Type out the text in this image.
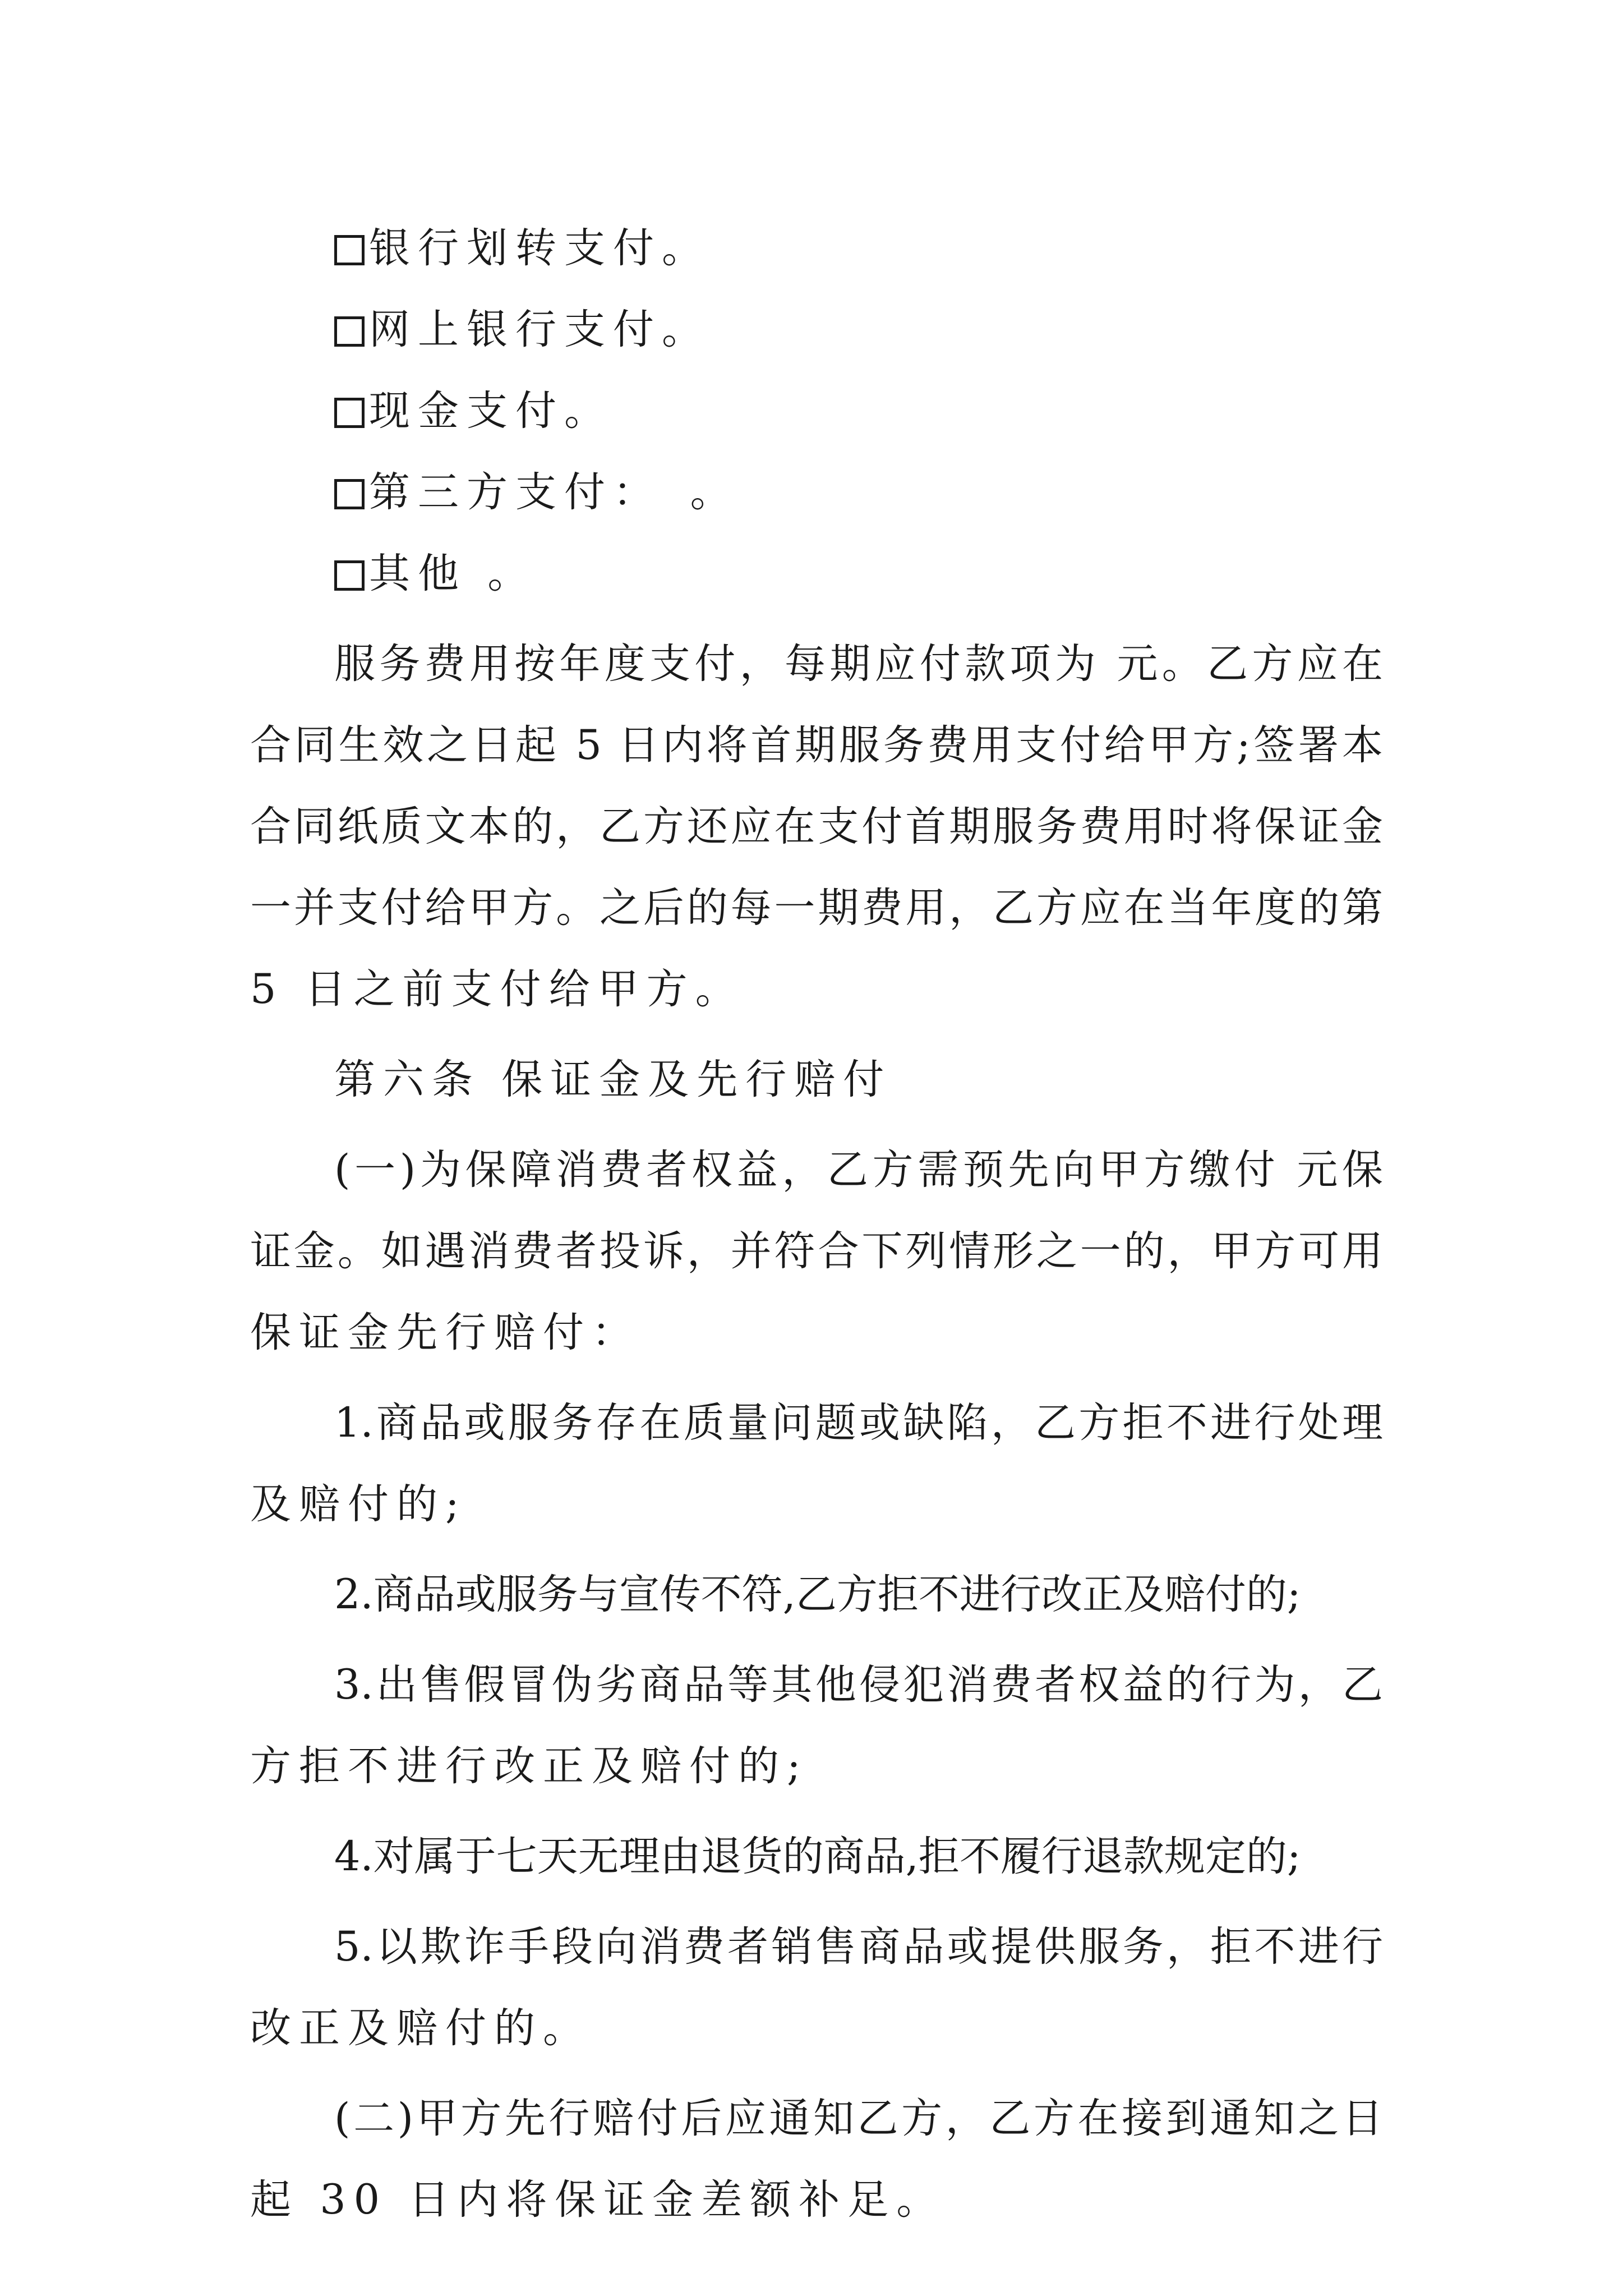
银行划转支付。
网上银行支付。
现金支付。
第三方支付：　。
其他 。
服务费用按年度支付，每期应付款项为 元。乙方应在
合同生效之日起 5 日内将首期服务费用支付给甲方;签署本
合同纸质文本的，乙方还应在支付首期服务费用时将保证金
一并支付给甲方。之后的每一期费用，乙方应在当年度的第
5 日之前支付给甲方。
第六条 保证金及先行赔付
(一)为保障消费者权益，乙方需预先向甲方缴付 元保
证金。如遇消费者投诉，并符合下列情形之一的，甲方可用
保证金先行赔付：
1.商品或服务存在质量问题或缺陷，乙方拒不进行处理
及赔付的;
2.商品或服务与宣传不符,乙方拒不进行改正及赔付的;
3.出售假冒伪劣商品等其他侵犯消费者权益的行为，乙
方拒不进行改正及赔付的;
4.对属于七天无理由退货的商品,拒不履行退款规定的;
5.以欺诈手段向消费者销售商品或提供服务，拒不进行
改正及赔付的。
(二)甲方先行赔付后应通知乙方，乙方在接到通知之日
起 30 日内将保证金差额补足。
